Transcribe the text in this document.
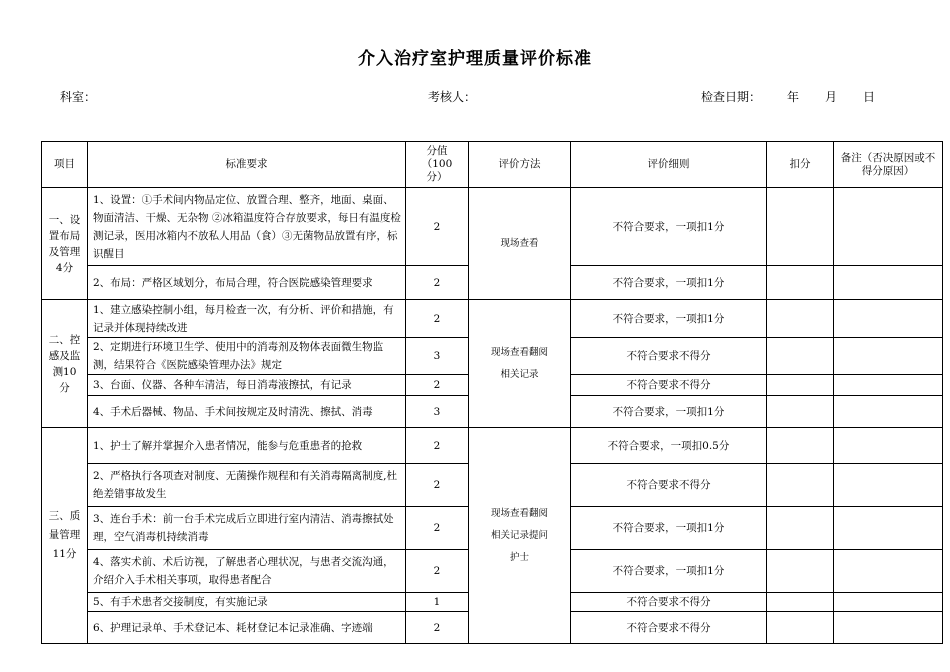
介入治疗室护理质量评价标准
科室：	考核人：	检查日期： 年 月 日
项目	标准要求	分值（100分）	评价方法	评价细则	扣分	备注（否决原因或不得分原因）
一、设置布局及管理4分	1、设置：①手术间内物品定位、放置合理、整齐，地面、桌面、物面清洁、干燥、无杂物 ②冰箱温度符合存放要求，每日有温度检测记录，医用冰箱内不放私人用品（食）③无菌物品放置有序，标识醒目	2	现场查看	不符合要求，一项扣1分		
	2、布局：严格区域划分，布局合理，符合医院感染管理要求	2		不符合要求，一项扣1分		
二、控感及监测10分	1、建立感染控制小组，每月检查一次，有分析、评价和措施，有记录并体现持续改进	2	现场查看翻阅相关记录	不符合要求，一项扣1分		
	2、定期进行环境卫生学、使用中的消毒剂及物体表面微生物监测，结果符合《医院感染管理办法》规定	3		不符合要求不得分		
	3、台面、仪器、各种车清洁，每日消毒液擦拭，有记录	2		不符合要求不得分		
	4、手术后器械、物品、手术间按规定及时清洗、擦拭、消毒	3		不符合要求，一项扣1分		
三、质量管理11分	1、护士了解并掌握介入患者情况，能参与危重患者的抢救	2	现场查看翻阅相关记录提问护士	不符合要求，一项扣0.5分		
	2、严格执行各项查对制度、无菌操作规程和有关消毒隔离制度,杜绝差错事故发生	2		不符合要求不得分		
	3、连台手术：前一台手术完成后立即进行室内清洁、消毒擦拭处理，空气消毒机持续消毒	2		不符合要求，一项扣1分		
	4、落实术前、术后访视，了解患者心理状况，与患者交流沟通，介绍介入手术相关事项，取得患者配合	2		不符合要求，一项扣1分		
	5、有手术患者交接制度，有实施记录	1		不符合要求不得分		
	6、护理记录单、手术登记本、耗材登记本记录准确、字迹端	2		不符合要求不得分		
